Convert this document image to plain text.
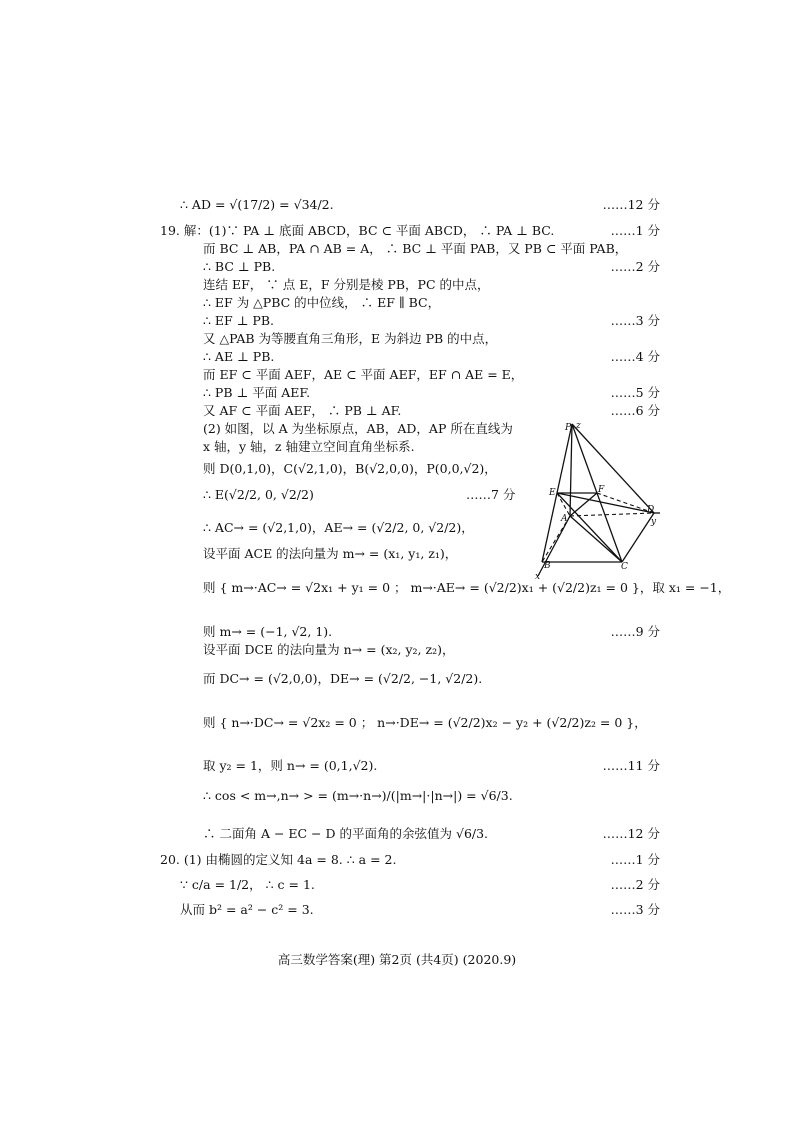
∴ AD = √(17/2) = √34/2.	……12 分
19. 解：(1)∵ PA ⊥ 底面 ABCD，BC ⊂ 平面 ABCD， ∴ PA ⊥ BC.	……1 分
而 BC ⊥ AB，PA ∩ AB = A， ∴ BC ⊥ 平面 PAB，又 PB ⊂ 平面 PAB，
∴ BC ⊥ PB.	……2 分
连结 EF， ∵ 点 E，F 分别是棱 PB，PC 的中点，
∴ EF 为 △PBC 的中位线， ∴ EF ∥ BC，
∴ EF ⊥ PB.	……3 分
又 △PAB 为等腰直角三角形，E 为斜边 PB 的中点，
∴ AE ⊥ PB.	……4 分
而 EF ⊂ 平面 AEF，AE ⊂ 平面 AEF，EF ∩ AE = E，
∴ PB ⊥ 平面 AEF.	……5 分
又 AF ⊂ 平面 AEF， ∴ PB ⊥ AF.	……6 分
(2) 如图，以 A 为坐标原点，AB，AD，AP 所在直线为
x 轴，y 轴，z 轴建立空间直角坐标系.
则 D(0,1,0)，C(√2,1,0)，B(√2,0,0)，P(0,0,√2)，
∴ E(√2/2, 0, √2/2)	……7 分
∴ AC→ = (√2,1,0)，AE→ = (√2/2, 0, √2/2)，
设平面 ACE 的法向量为 m→ = (x₁, y₁, z₁)，
则 { m→·AC→ = √2x₁ + y₁ = 0 ； m→·AE→ = (√2/2)x₁ + (√2/2)z₁ = 0 }，取 x₁ = −1，
则 m→ = (−1, √2, 1).	……9 分
设平面 DCE 的法向量为 n→ = (x₂, y₂, z₂)，
而 DC→ = (√2,0,0)，DE→ = (√2/2, −1, √2/2).
则 { n→·DC→ = √2x₂ = 0 ； n→·DE→ = (√2/2)x₂ − y₂ + (√2/2)z₂ = 0 }，
取 y₂ = 1，则 n→ = (0,1,√2).	……11 分
∴ cos < m→,n→ > = (m→·n→)/(|m→|·|n→|) = √6/3.
∴ 二面角 A − EC − D 的平面角的余弦值为 √6/3.	……12 分
20. (1) 由椭圆的定义知 4a = 8. ∴ a = 2.	……1 分
∵ c/a = 1/2， ∴ c = 1.	……2 分
从而 b² = a² − c² = 3.	……3 分
P z
E	F
A
D
y
B	C
x
高三数学答案(理) 第2页 (共4页) (2020.9)
